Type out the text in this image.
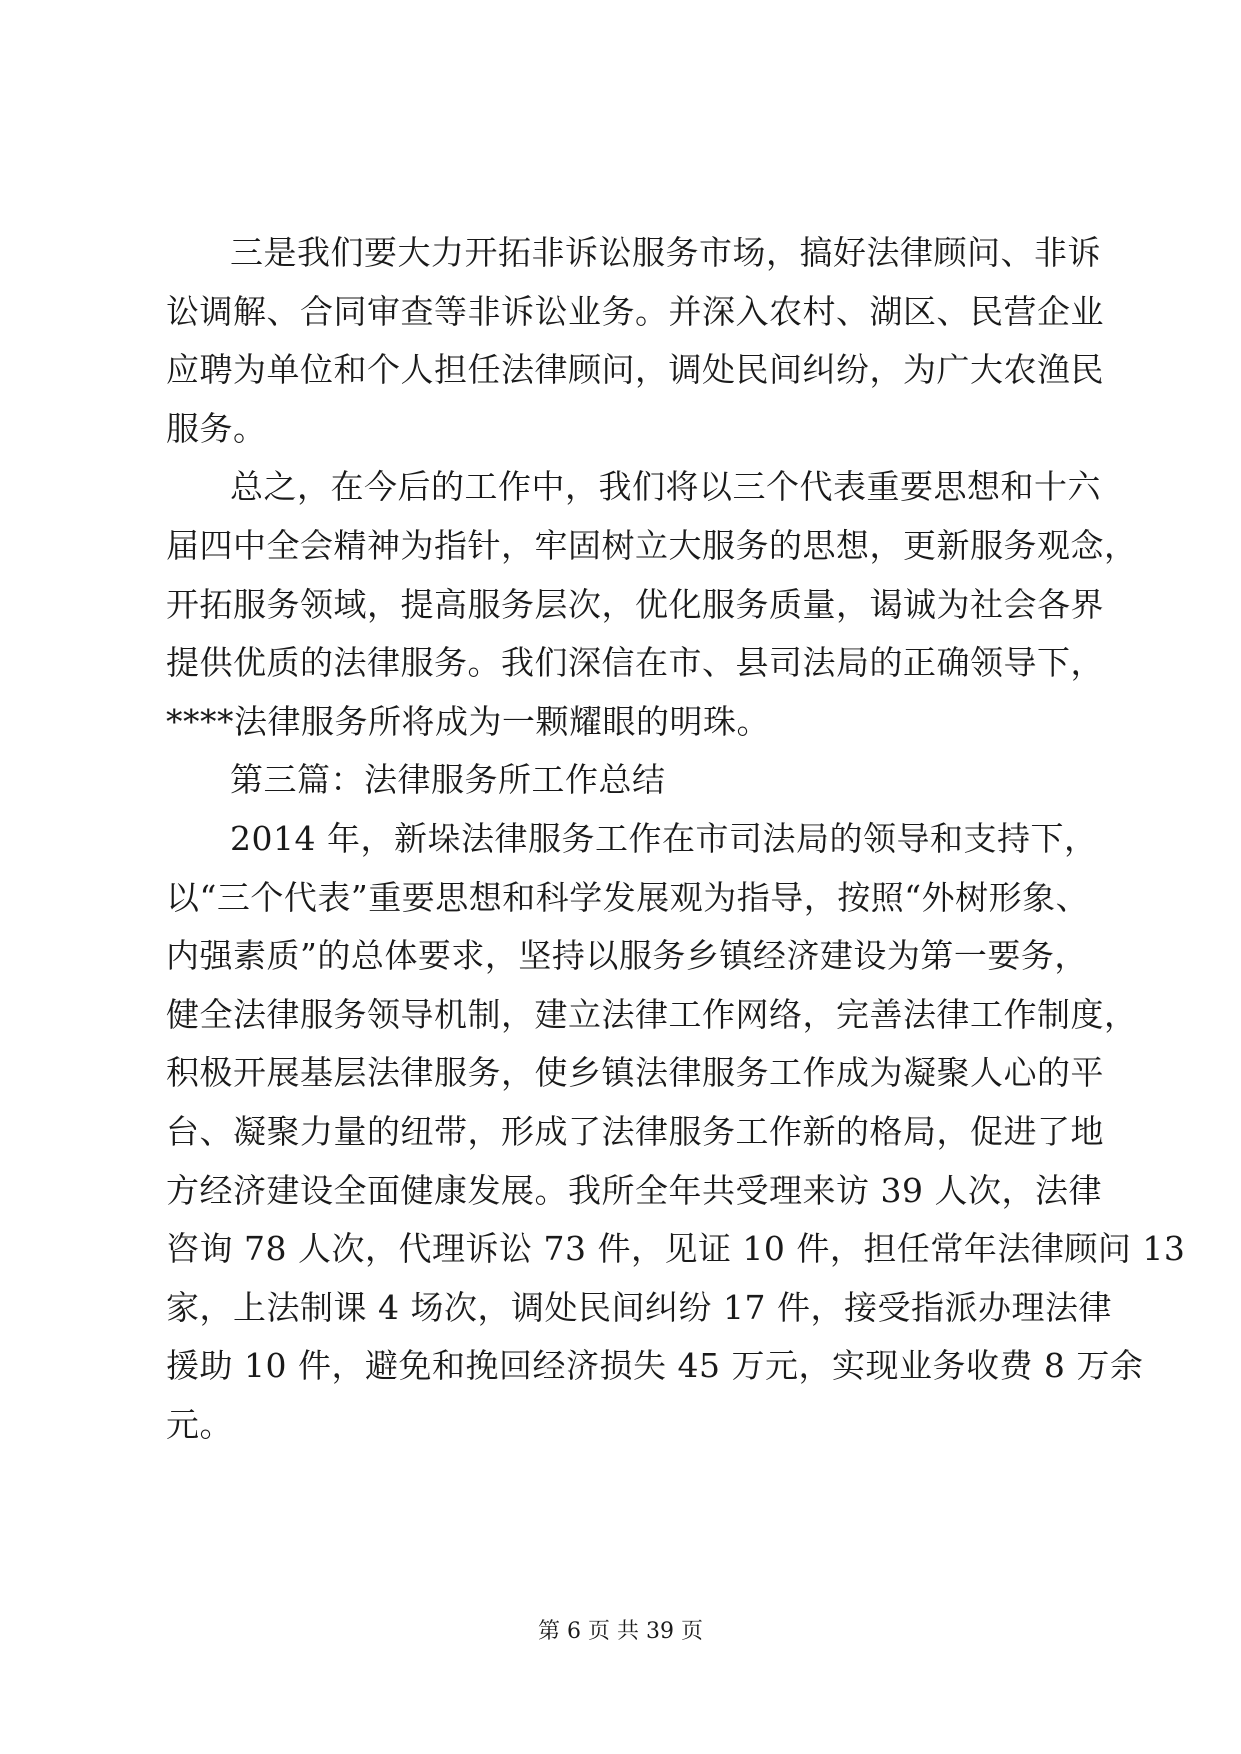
三是我们要大力开拓非诉讼服务市场，搞好法律顾问、非诉
讼调解、合同审查等非诉讼业务。并深入农村、湖区、民营企业
应聘为单位和个人担任法律顾问，调处民间纠纷，为广大农渔民
服务。
总之，在今后的工作中，我们将以三个代表重要思想和十六
届四中全会精神为指针，牢固树立大服务的思想，更新服务观念，
开拓服务领域，提高服务层次，优化服务质量，谒诚为社会各界
提供优质的法律服务。我们深信在市、县司法局的正确领导下，
****法律服务所将成为一颗耀眼的明珠。
第三篇：法律服务所工作总结
2014 年，新垛法律服务工作在市司法局的领导和支持下，
以“三个代表”重要思想和科学发展观为指导，按照“外树形象、
内强素质”的总体要求，坚持以服务乡镇经济建设为第一要务，
健全法律服务领导机制，建立法律工作网络，完善法律工作制度，
积极开展基层法律服务，使乡镇法律服务工作成为凝聚人心的平
台、凝聚力量的纽带，形成了法律服务工作新的格局，促进了地
方经济建设全面健康发展。我所全年共受理来访 39 人次，法律
咨询 78 人次，代理诉讼 73 件，见证 10 件，担任常年法律顾问 13
家，上法制课 4 场次，调处民间纠纷 17 件，接受指派办理法律
援助 10 件，避免和挽回经济损失 45 万元，实现业务收费 8 万余
元。
第 6 页 共 39 页
